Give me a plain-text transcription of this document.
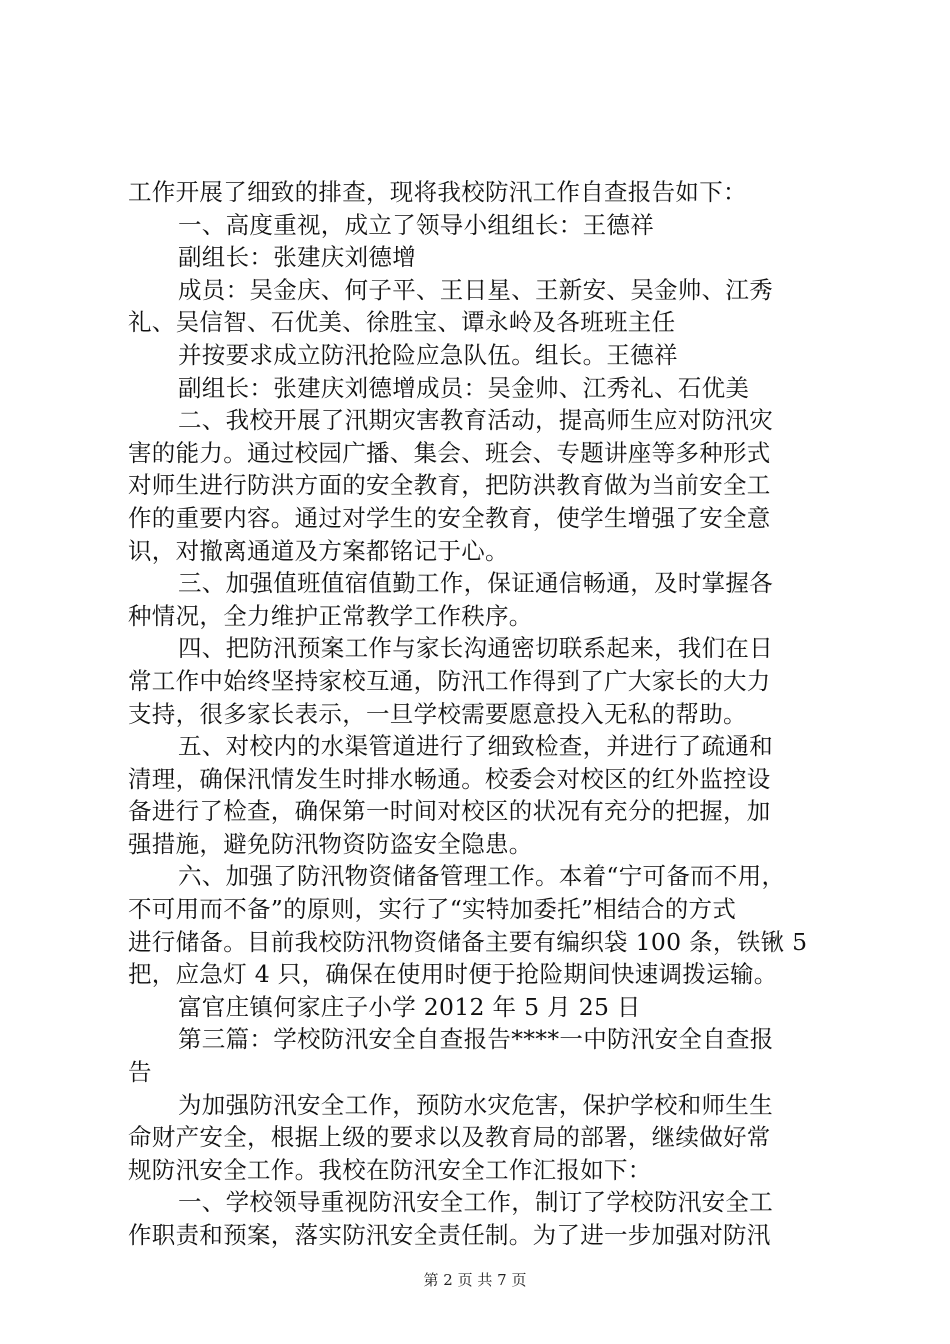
工作开展了细致的排查，现将我校防汛工作自查报告如下：
一、高度重视，成立了领导小组组长：王德祥
副组长：张建庆刘德增
成员：吴金庆、何子平、王日星、王新安、吴金帅、江秀
礼、吴信智、石优美、徐胜宝、谭永岭及各班班主任
并按要求成立防汛抢险应急队伍。组长。王德祥
副组长：张建庆刘德增成员：吴金帅、江秀礼、石优美
二、我校开展了汛期灾害教育活动，提高师生应对防汛灾
害的能力。通过校园广播、集会、班会、专题讲座等多种形式
对师生进行防洪方面的安全教育，把防洪教育做为当前安全工
作的重要内容。通过对学生的安全教育，使学生增强了安全意
识，对撤离通道及方案都铭记于心。
三、加强值班值宿值勤工作，保证通信畅通，及时掌握各
种情况，全力维护正常教学工作秩序。
四、把防汛预案工作与家长沟通密切联系起来，我们在日
常工作中始终坚持家校互通，防汛工作得到了广大家长的大力
支持，很多家长表示，一旦学校需要愿意投入无私的帮助。
五、对校内的水渠管道进行了细致检查，并进行了疏通和
清理，确保汛情发生时排水畅通。校委会对校区的红外监控设
备进行了检查，确保第一时间对校区的状况有充分的把握，加
强措施，避免防汛物资防盗安全隐患。
六、加强了防汛物资储备管理工作。本着“宁可备而不用，
不可用而不备”的原则，实行了“实特加委托”相结合的方式
进行储备。目前我校防汛物资储备主要有编织袋 100 条，铁锹 5
把，应急灯 4 只，确保在使用时便于抢险期间快速调拨运输。
富官庄镇何家庄子小学 2012 年 5 月 25 日
第三篇：学校防汛安全自查报告****一中防汛安全自查报
告
为加强防汛安全工作，预防水灾危害，保护学校和师生生
命财产安全，根据上级的要求以及教育局的部署，继续做好常
规防汛安全工作。我校在防汛安全工作汇报如下：
一、学校领导重视防汛安全工作，制订了学校防汛安全工
作职责和预案，落实防汛安全责任制。为了进一步加强对防汛
第 2 页 共 7 页
